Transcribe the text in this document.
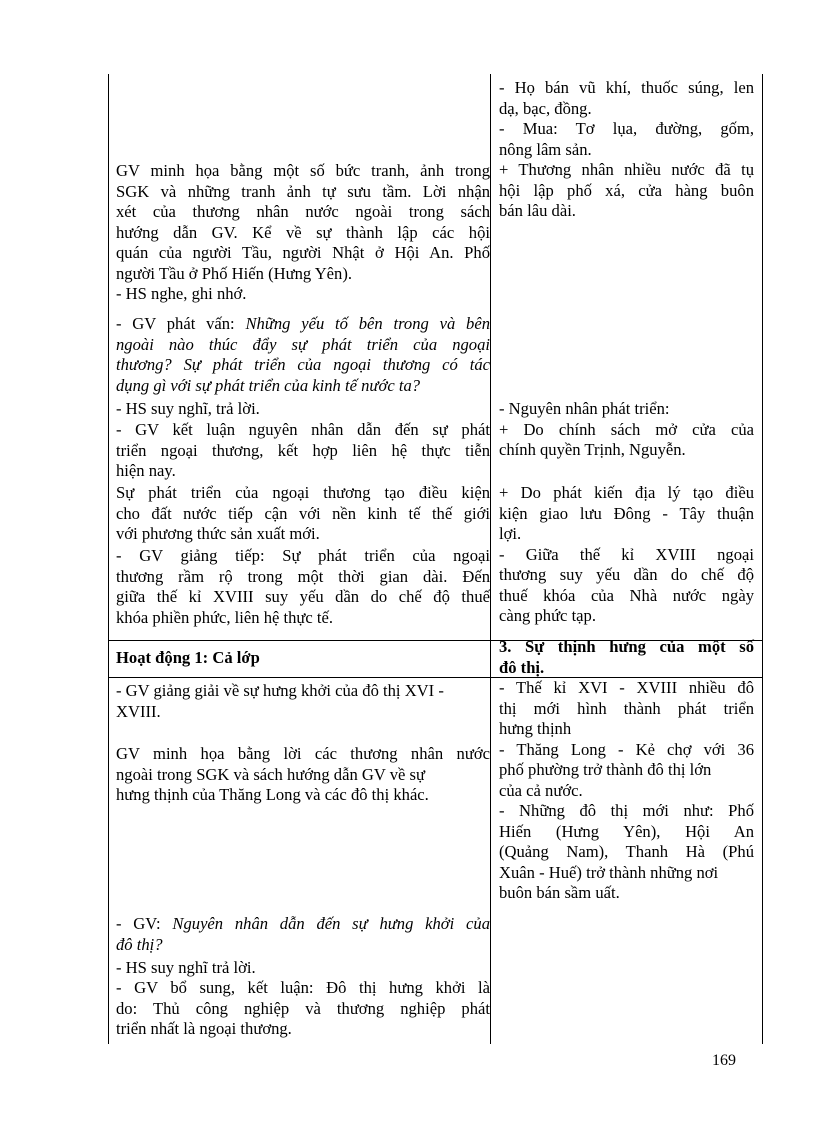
GV minh họa bằng một số bức tranh, ảnh trong
SGK và những tranh ảnh tự sưu tầm. Lời nhận
xét của thương nhân nước ngoài trong sách
hướng dẫn GV. Kể về sự thành lập các hội
quán của người Tầu, người Nhật ở Hội An. Phố
người Tầu ở Phố Hiến (Hưng Yên).
- HS nghe, ghi nhớ.
- GV phát vấn: Những yếu tố bên trong và bên
ngoài nào thúc đẩy sự phát triển của ngoại
thương? Sự phát triển của ngoại thương có tác
dụng gì với sự phát triển của kinh tế nước ta?
- HS suy nghĩ, trả lời.
- GV kết luận nguyên nhân dẫn đến sự phát
triển ngoại thương, kết hợp liên hệ thực tiễn
hiện nay.
Sự phát triển của ngoại thương tạo điều kiện
cho đất nước tiếp cận với nền kinh tế thế giới
với phương thức sản xuất mới.
- GV giảng tiếp: Sự phát triển của ngoại
thương rầm rộ trong một thời gian dài. Đến
giữa thế kỉ XVIII suy yếu dần do chế độ thuế
khóa phiền phức, liên hệ thực tế.
Hoạt động 1: Cả lớp
- GV giảng giải về sự hưng khởi của đô thị XVI -
XVIII.
GV minh họa bằng lời các thương nhân nước
ngoài trong SGK và sách hướng dẫn GV về sự
hưng thịnh của Thăng Long và các đô thị khác.
- GV: Nguyên nhân dẫn đến sự hưng khởi của
đô thị?
- HS suy nghĩ trả lời.
- GV bổ sung, kết luận: Đô thị hưng khởi là
do: Thủ công nghiệp và thương nghiệp phát
triển nhất là ngoại thương.
- Họ bán vũ khí, thuốc súng, len
dạ, bạc, đồng.
- Mua: Tơ lụa, đường, gốm,
nông lâm sản.
+ Thương nhân nhiều nước đã tụ
hội lập phố xá, cửa hàng buôn
bán lâu dài.
- Nguyên nhân phát triển:
+ Do chính sách mở cửa của
chính quyền Trịnh, Nguyễn.
+ Do phát kiến địa lý tạo điều
kiện giao lưu Đông - Tây thuận
lợi.
- Giữa thế kỉ XVIII ngoại
thương suy yếu dần do chế độ
thuế khóa của Nhà nước ngày
càng phức tạp.
3. Sự thịnh hưng của một số
đô thị.
- Thế kỉ XVI - XVIII nhiều đô
thị mới hình thành phát triển
hưng thịnh
- Thăng Long - Kẻ chợ với 36
phố phường trở thành đô thị lớn
của cả nước.
- Những đô thị mới như: Phố
Hiến (Hưng Yên), Hội An
(Quảng Nam), Thanh Hà (Phú
Xuân - Huế) trở thành những nơi
buôn bán sầm uất.
169
